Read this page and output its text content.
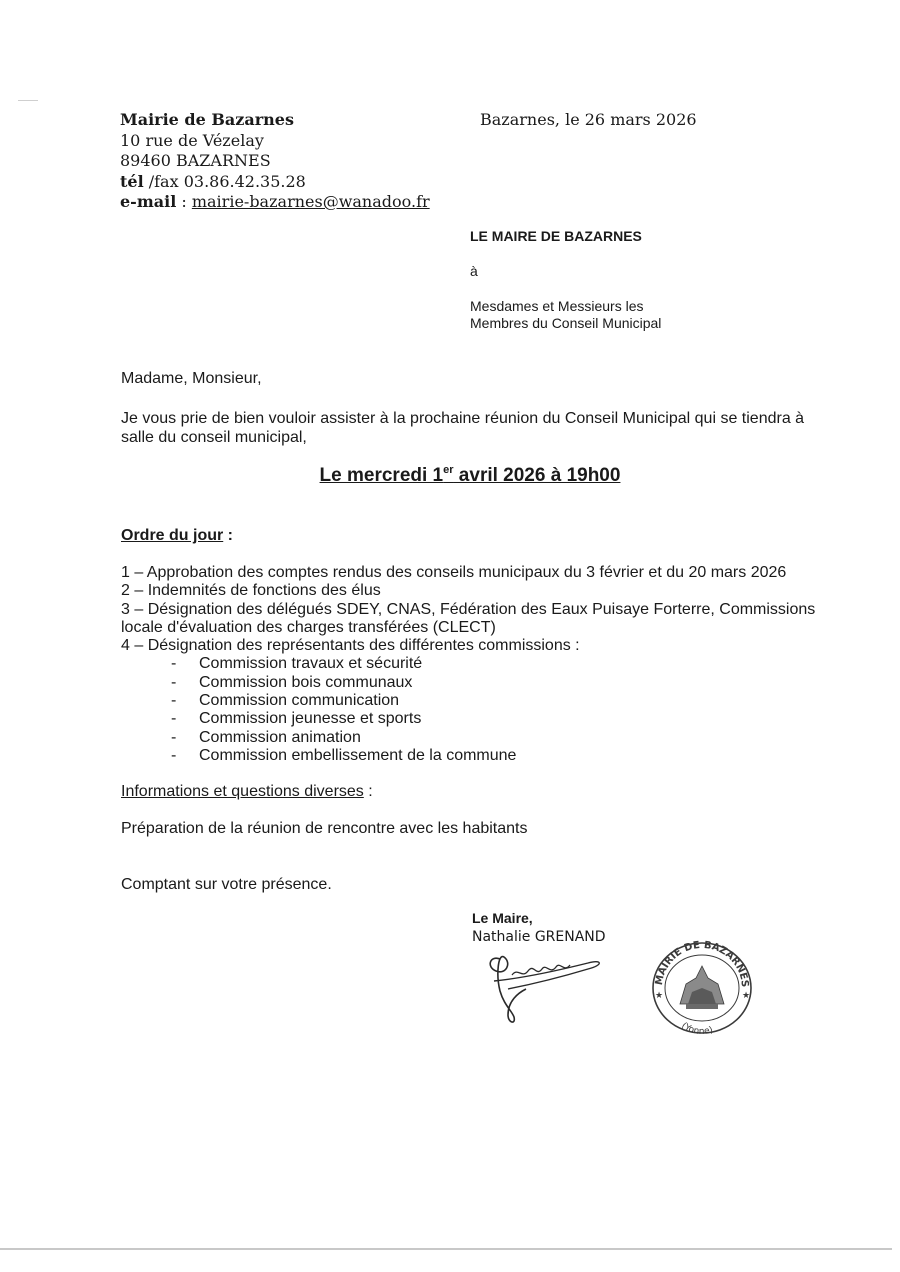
Mairie de Bazarnes
10 rue de Vézelay
89460 BAZARNES
tél /fax 03.86.42.35.28
e-mail : mairie-bazarnes@wanadoo.fr
Bazarnes, le 26 mars 2026
LE MAIRE DE BAZARNES
à
Mesdames et Messieurs les
Membres du Conseil Municipal
Madame, Monsieur,
Je vous prie de bien vouloir assister à la prochaine réunion du Conseil Municipal qui se tiendra à
salle du conseil municipal,
Le mercredi 1er avril 2026 à 19h00
Ordre du jour :
1 – Approbation des comptes rendus des conseils municipaux du 3 février et du 20 mars 2026
2 – Indemnités de fonctions des élus
3 – Désignation des délégués SDEY, CNAS, Fédération des Eaux Puisaye Forterre, Commissions
locale d'évaluation des charges transférées (CLECT)
4 – Désignation des représentants des différentes commissions :
- Commission travaux et sécurité
- Commission bois communaux
- Commission communication
- Commission jeunesse et sports
- Commission animation
- Commission embellissement de la commune
Informations et questions diverses :
Préparation de la réunion de rencontre avec les habitants
Comptant sur votre présence.
Le Maire,
Nathalie GRENAND
MAIRIE DE BAZARNES
(Yonne)
★	★
